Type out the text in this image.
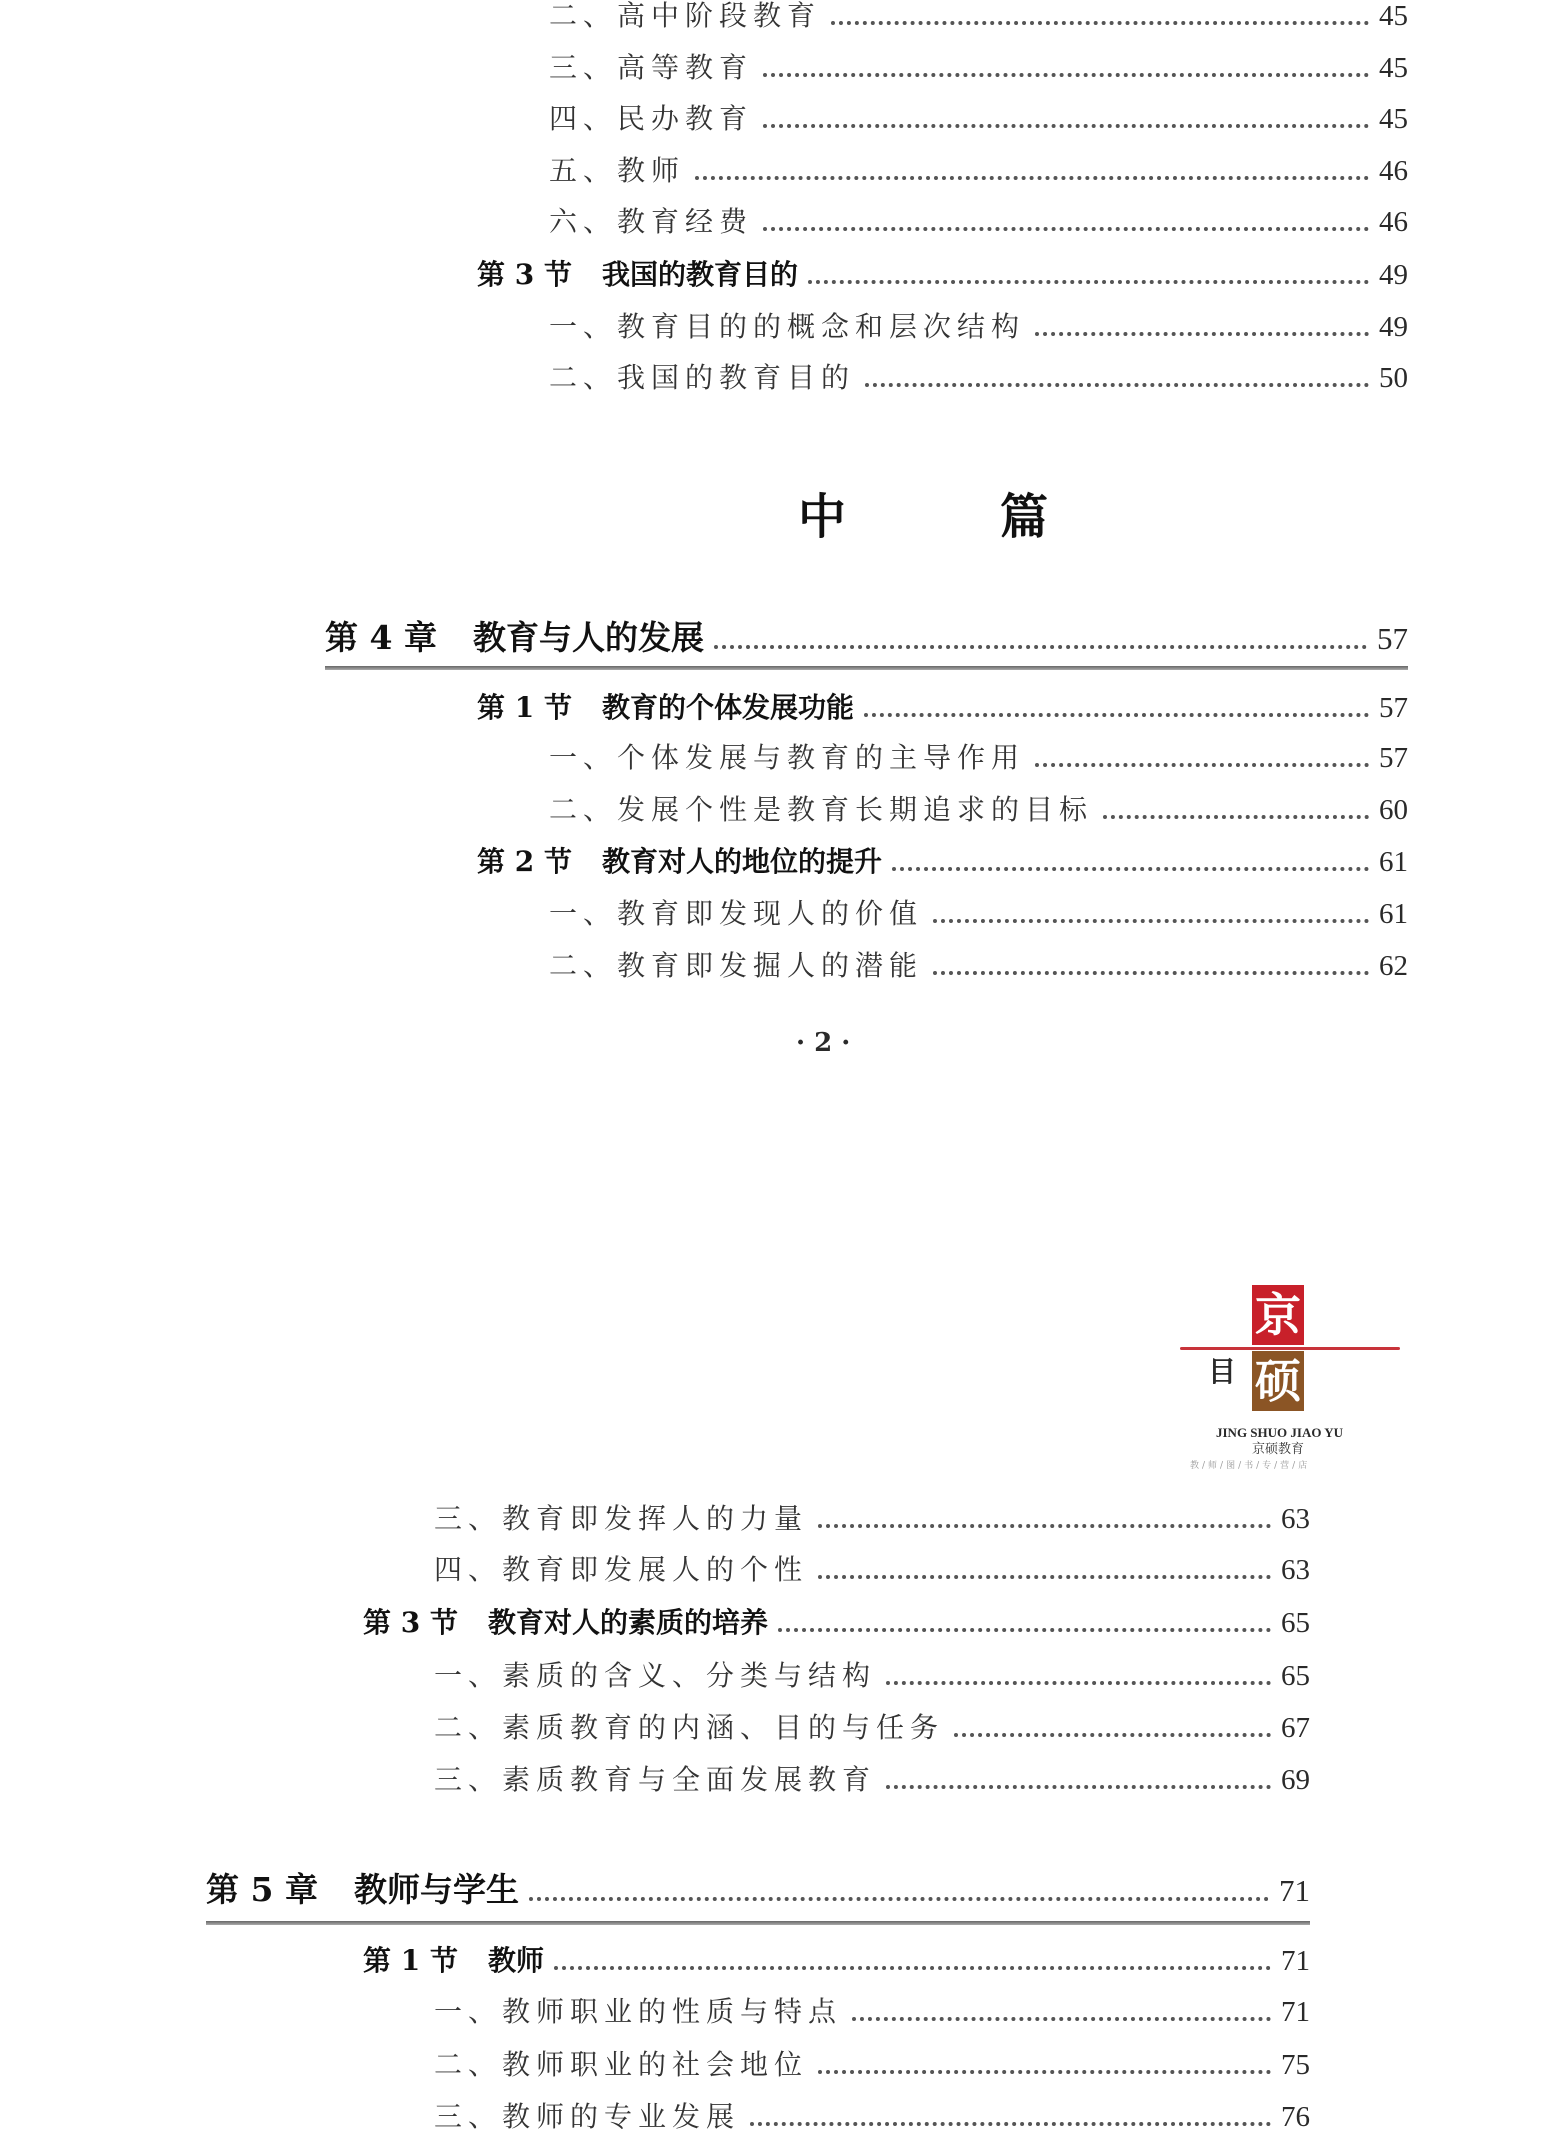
二、高中阶段教育	45
三、高等教育	45
四、民办教育	45
五、教师	46
六、教育经费	46
第 3 节 我国的教育目的	49
一、教育目的的概念和层次结构	49
二、我国的教育目的	50
中	篇
第 4 章 教育与人的发展	57
第 1 节 教育的个体发展功能	57
一、个体发展与教育的主导作用	57
二、发展个性是教育长期追求的目标	60
第 2 节 教育对人的地位的提升	61
一、教育即发现人的价值	61
二、教育即发掘人的潜能	62
· 2 ·
三、教育即发挥人的力量	63
四、教育即发展人的个性	63
第 3 节 教育对人的素质的培养	65
一、素质的含义、分类与结构	65
二、素质教育的内涵、目的与任务	67
三、素质教育与全面发展教育	69
第 5 章 教师与学生	71
第 1 节 教师	71
一、教师职业的性质与特点	71
二、教师职业的社会地位	75
三、教师的专业发展	76
目
京
硕
JING SHUO JIAO YU
京硕教育
教/师/图/书/专/营/店
